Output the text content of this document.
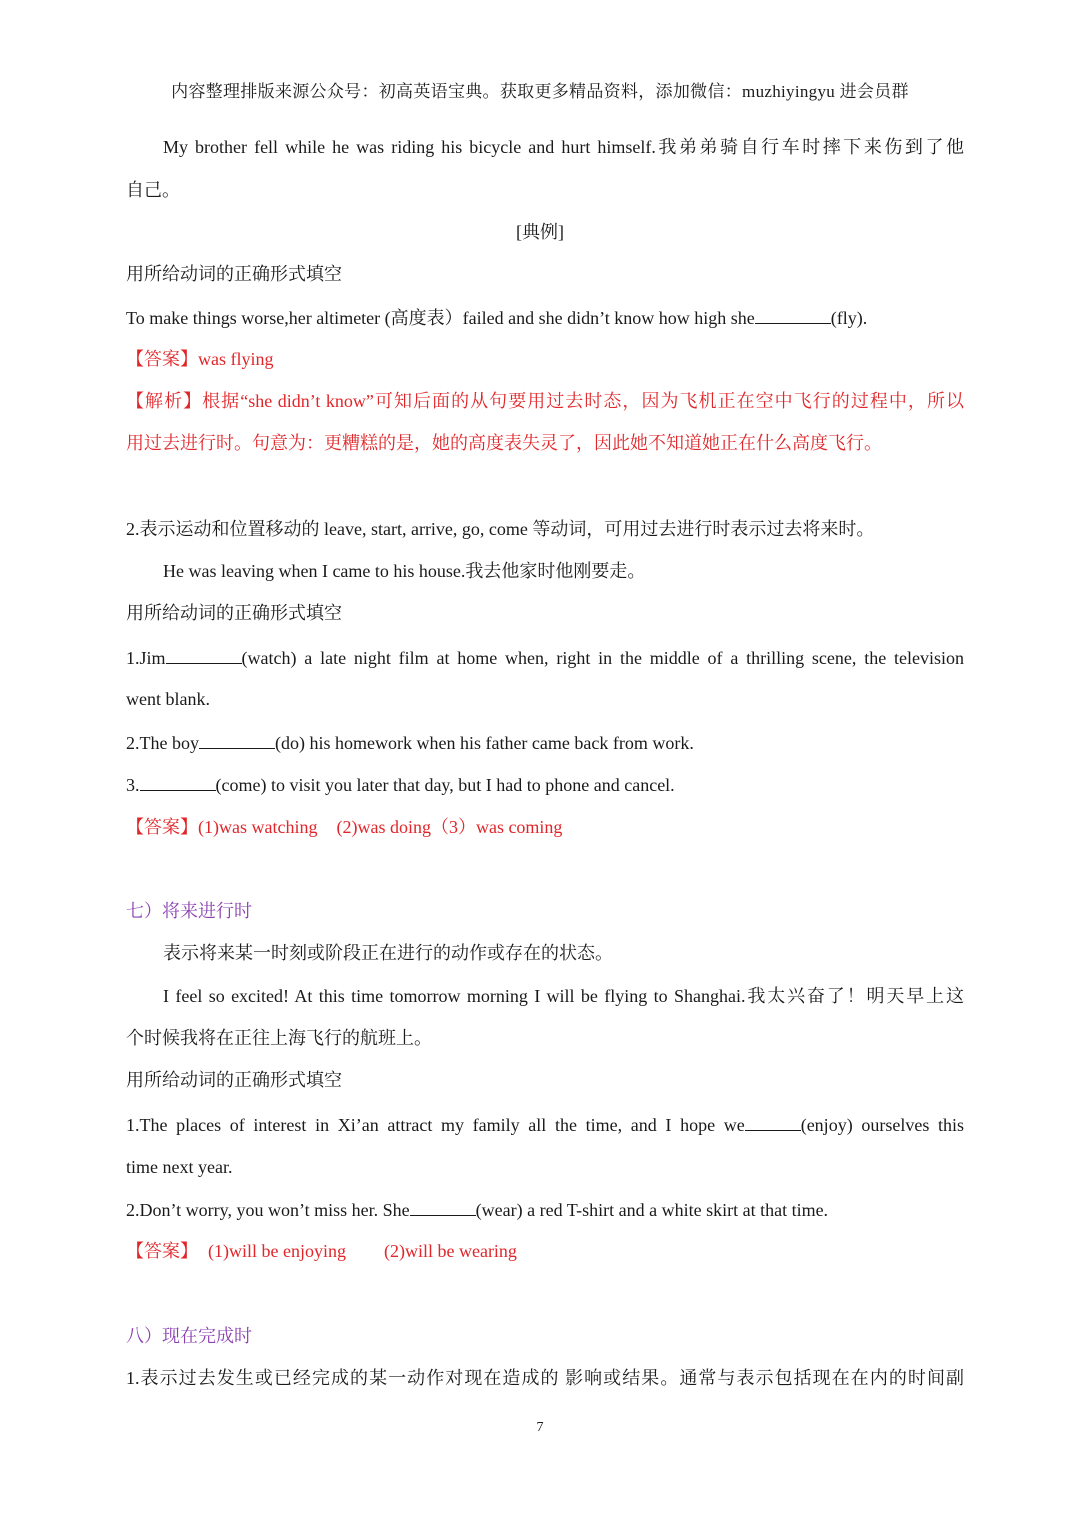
内容整理排版来源公众号：初高英语宝典。获取更多精品资料，添加微信：muzhiyingyu 进会员群
My brother fell while he was riding his bicycle and hurt himself.我弟弟骑自行车时摔下来伤到了他
自己。
[典例]
用所给动词的正确形式填空
To make things worse,her altimeter (高度表）failed and she didn’t know how high she	(fly).
【答案】was flying
【解析】根据“she didn’t know”可知后面的从句要用过去时态，因为飞机正在空中飞行的过程中，所以
用过去进行时。句意为：更糟糕的是，她的高度表失灵了，因此她不知道她正在什么高度飞行。
2.表示运动和位置移动的 leave, start, arrive, go, come 等动词，可用过去进行时表示过去将来时。
He was leaving when I came to his house.我去他家时他刚要走。
用所给动词的正确形式填空
1.Jim	(watch) a late night film at home when, right in the middle of a thrilling scene, the television
went blank.
2.The boy	(do) his homework when his father came back from work.
3.	(come) to visit you later that day, but I had to phone and cancel.
【答案】(1)was watching (2)was doing（3）was coming
七）将来进行时
表示将来某一时刻或阶段正在进行的动作或存在的状态。
I feel so excited! At this time tomorrow morning I will be flying to Shanghai.我太兴奋了！明天早上这
个时候我将在正往上海飞行的航班上。
用所给动词的正确形式填空
1.The places of interest in Xi’an attract my family all the time, and I hope we	(enjoy) ourselves this
time next year.
2.Don’t worry, you won’t miss her. She	(wear) a red T-shirt and a white skirt at that time.
【答案】 (1)will be enjoying (2)will be wearing
八）现在完成时
1.表示过去发生或已经完成的某一动作对现在造成的 影响或结果。通常与表示包括现在在内的时间副
7
